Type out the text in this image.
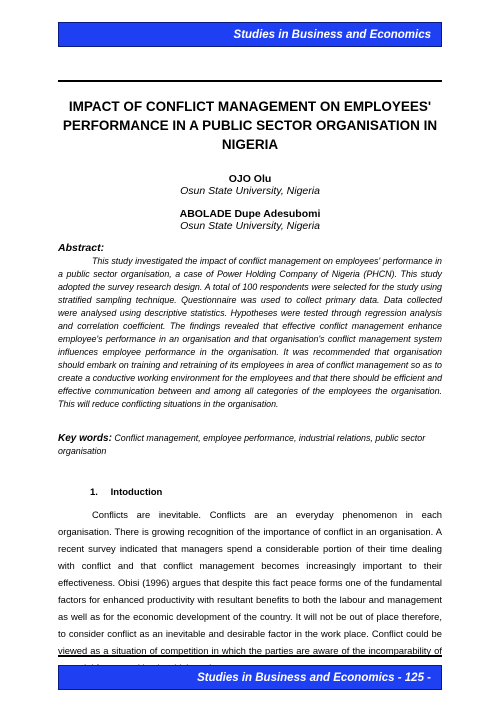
Studies in Business and Economics
IMPACT OF CONFLICT MANAGEMENT ON EMPLOYEES' PERFORMANCE IN A PUBLIC SECTOR ORGANISATION IN NIGERIA
OJO Olu
Osun State University, Nigeria
ABOLADE Dupe Adesubomi
Osun State University, Nigeria
Abstract:

This study investigated the impact of conflict management on employees' performance in a public sector organisation, a case of Power Holding Company of Nigeria (PHCN). This study adopted the survey research design. A total of 100 respondents were selected for the study using stratified sampling technique. Questionnaire was used to collect primary data. Data collected were analysed using descriptive statistics. Hypotheses were tested through regression analysis and correlation coefficient. The findings revealed that effective conflict management enhance employee's performance in an organisation and that organisation's conflict management system influences employee performance in the organisation. It was recommended that organisation should embark on training and retraining of its employees in area of conflict management so as to create a conductive working environment for the employees and that there should be efficient and effective communication between and among all categories of the employees the organisation. This will reduce conflicting situations in the organisation.

Key words: Conflict management, employee performance, industrial relations, public sector organisation

1. Intoduction

Conflicts are inevitable. Conflicts are an everyday phenomenon in each organisation. There is growing recognition of the importance of conflict in an organisation. A recent survey indicated that managers spend a considerable portion of their time dealing with conflict and that conflict management becomes increasingly important to their effectiveness. Obisi (1996) argues that despite this fact peace forms one of the fundamental factors for enhanced productivity with resultant benefits to both the labour and management as well as for the economic development of the country. It will not be out of place therefore, to consider conflict as an inevitable and desirable factor in the work place. Conflict could be viewed as a situation of competition in which the parties are aware of the incomparability of

Studies in Business and Economics - 125 -
